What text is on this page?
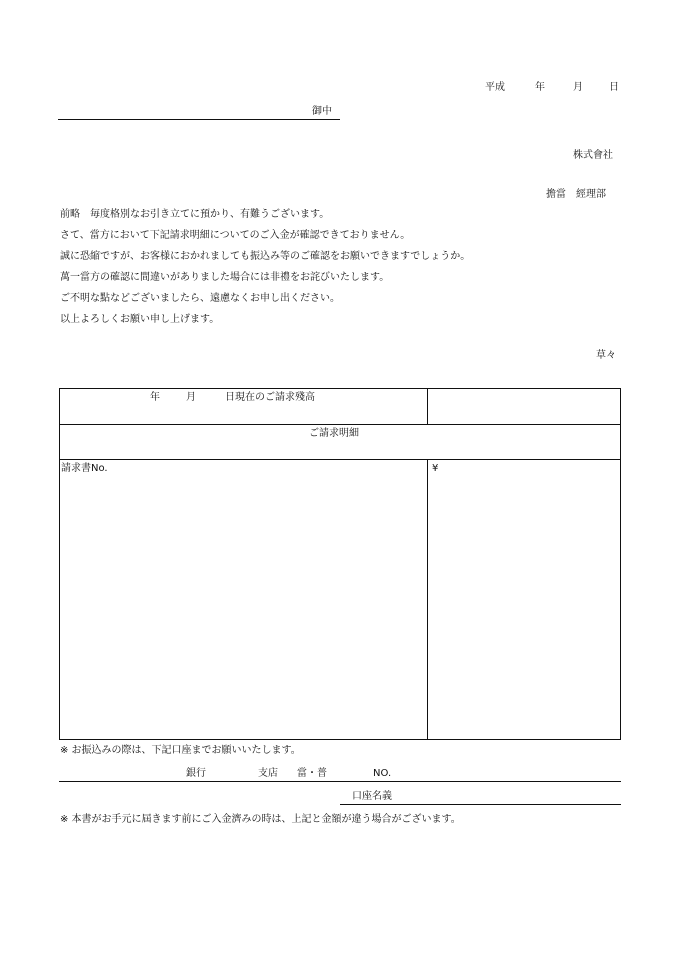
平成	年	月	日
御中
株式會社
擔當　經理部
前略　毎度格別なお引き立てに預かり、有難うございます。
さて、當方において下記請求明細についてのご入金が確認できておりません。
誠に恐縮ですが、お客様におかれましても振込み等のご確認をお願いできますでしょうか。
萬一當方の確認に間違いがありました場合には非禮をお詫びいたします。
ご不明な點などございましたら、遠慮なくお申し出ください。
以上よろしくお願い申し上げます。
草々
年	月	日現在のご請求殘高
ご請求明細
請求書No.	¥
※ お振込みの際は、下記口座までお願いいたします。
銀行	支店 當・普	NO.
口座名義
※ 本書がお手元に屆きます前にご入金濟みの時は、上記と金額が違う場合がございます。
